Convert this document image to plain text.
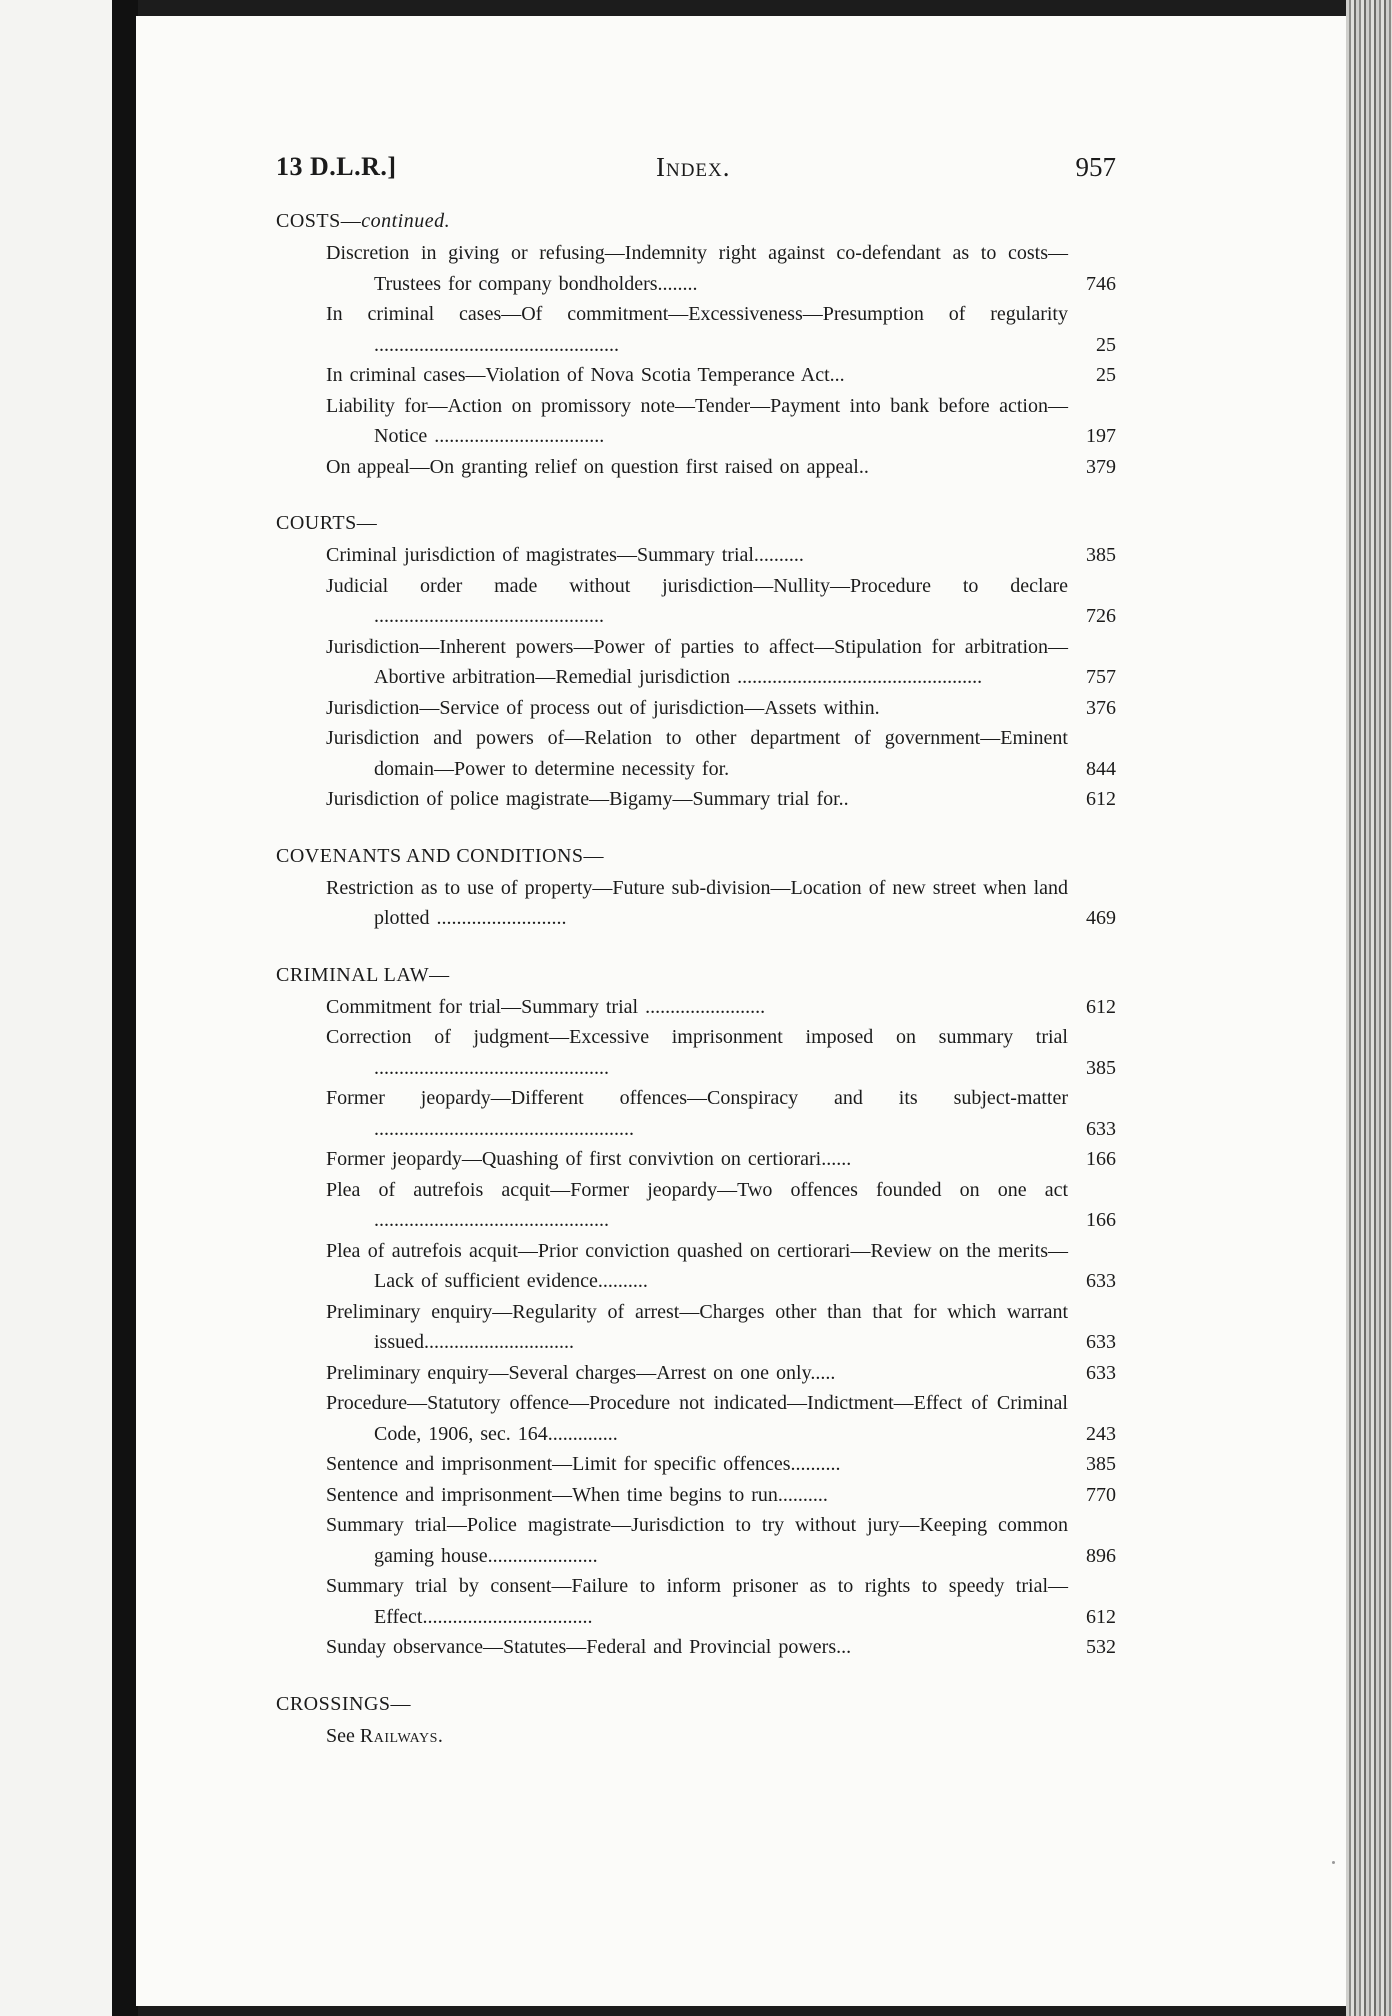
13 D.L.R.]	Index.	957
COSTS—continued.
Discretion in giving or refusing—Indemnity right against co-defendant as to costs—Trustees for company bondholders........	746
In criminal cases—Of commitment—Excessiveness—Presumption of regularity .................................................	25
In criminal cases—Violation of Nova Scotia Temperance Act...	25
Liability for—Action on promissory note—Tender—Payment into bank before action—Notice ..................................	197
On appeal—On granting relief on question first raised on appeal..	379
COURTS—
Criminal jurisdiction of magistrates—Summary trial..........	385
Judicial order made without jurisdiction—Nullity—Procedure to declare ..............................................	726
Jurisdiction—Inherent powers—Power of parties to affect—Stipulation for arbitration—Abortive arbitration—Remedial jurisdiction .................................................	757
Jurisdiction—Service of process out of jurisdiction—Assets within.	376
Jurisdiction and powers of—Relation to other department of government—Eminent domain—Power to determine necessity for.	844
Jurisdiction of police magistrate—Bigamy—Summary trial for..	612
COVENANTS AND CONDITIONS—
Restriction as to use of property—Future sub-division—Location of new street when land plotted ..........................	469
CRIMINAL LAW—
Commitment for trial—Summary trial ........................	612
Correction of judgment—Excessive imprisonment imposed on summary trial ...............................................	385
Former jeopardy—Different offences—Conspiracy and its subject-matter ....................................................	633
Former jeopardy—Quashing of first convivtion on certiorari......	166
Plea of autrefois acquit—Former jeopardy—Two offences founded on one act ...............................................	166
Plea of autrefois acquit—Prior conviction quashed on certiorari—Review on the merits—Lack of sufficient evidence..........	633
Preliminary enquiry—Regularity of arrest—Charges other than that for which warrant issued..............................	633
Preliminary enquiry—Several charges—Arrest on one only.....	633
Procedure—Statutory offence—Procedure not indicated—Indictment—Effect of Criminal Code, 1906, sec. 164..............	243
Sentence and imprisonment—Limit for specific offences..........	385
Sentence and imprisonment—When time begins to run..........	770
Summary trial—Police magistrate—Jurisdiction to try without jury—Keeping common gaming house......................	896
Summary trial by consent—Failure to inform prisoner as to rights to speedy trial—Effect..................................	612
Sunday observance—Statutes—Federal and Provincial powers...	532
CROSSINGS—
See Railways.
